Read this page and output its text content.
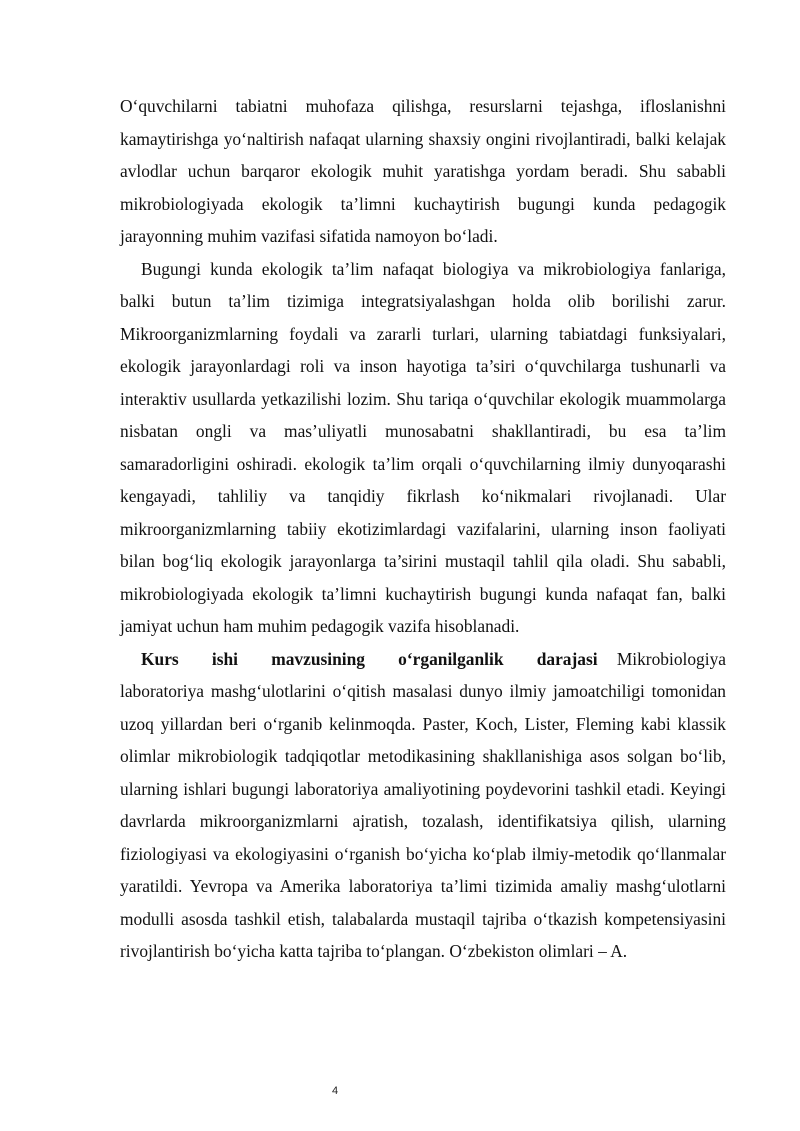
O‘quvchilarni tabiatni muhofaza qilishga, resurslarni tejashga, ifloslanishni kamaytirishga yo‘naltirish nafaqat ularning shaxsiy ongini rivojlantiradi, balki kelajak avlodlar uchun barqaror ekologik muhit yaratishga yordam beradi. Shu sababli mikrobiologiyada ekologik ta’limni kuchaytirish bugungi kunda pedagogik jarayonning muhim vazifasi sifatida namoyon bo‘ladi.

Bugungi kunda ekologik ta’lim nafaqat biologiya va mikrobiologiya fanlariga, balki butun ta’lim tizimiga integratsiyalashgan holda olib borilishi zarur. Mikroorganizmlarning foydali va zararli turlari, ularning tabiatdagi funksiyalari, ekologik jarayonlardagi roli va inson hayotiga ta’siri o‘quvchilarga tushunarli va interaktiv usullarda yetkazilishi lozim. Shu tariqa o‘quvchilar ekologik muammolarga nisbatan ongli va mas’uliyatli munosabatni shakllantiradi, bu esa ta’lim samaradorligini oshiradi. ekologik ta’lim orqali o‘quvchilarning ilmiy dunyoqarashi kengayadi, tahliliy va tanqidiy fikrlash ko‘nikmalari rivojlanadi. Ular mikroorganizmlarning tabiiy ekotizimlardagi vazifalarini, ularning inson faoliyati bilan bog‘liq ekologik jarayonlarga ta’sirini mustaqil tahlil qila oladi. Shu sababli, mikrobiologiyada ekologik ta’limni kuchaytirish bugungi kunda nafaqat fan, balki jamiyat uchun ham muhim pedagogik vazifa hisoblanadi.

Kurs ishi mavzusining o‘rganilganlik darajasi Mikrobiologiya laboratoriya mashg‘ulotlarini o‘qitish masalasi dunyo ilmiy jamoatchiligi tomonidan uzoq yillardan beri o‘rganib kelinmoqda. Paster, Koch, Lister, Fleming kabi klassik olimlar mikrobiologik tadqiqotlar metodikasining shakllanishiga asos solgan bo‘lib, ularning ishlari bugungi laboratoriya amaliyotining poydevorini tashkil etadi. Keyingi davrlarda mikroorganizmlarni ajratish, tozalash, identifikatsiya qilish, ularning fiziologiyasi va ekologiyasini o‘rganish bo‘yicha ko‘plab ilmiy-metodik qo‘llanmalar yaratildi. Yevropa va Amerika laboratoriya ta’limi tizimida amaliy mashg‘ulotlarni modulli asosda tashkil etish, talabalarda mustaqil tajriba o‘tkazish kompetensiyasini rivojlantirish bo‘yicha katta tajriba to‘plangan. O‘zbekiston olimlari – A.

4
